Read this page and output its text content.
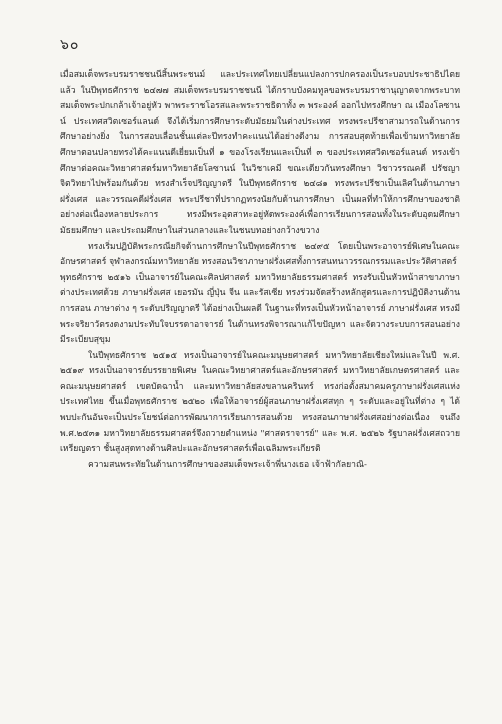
๖๐

เมื่อสมเด็จพระบรมราชชนนีสิ้นพระชนม์ และประเทศไทยเปลี่ยนแปลงการปกครองเป็นระบอบประชาธิปไตยแล้ว ในปีพุทธศักราช ๒๔๗๗ สมเด็จพระบรมราชชนนี ได้กราบบังคมทูลขอพระบรมราชานุญาตจากพระบาทสมเด็จพระปกเกล้าเจ้าอยู่หัว พาพระราชโอรสและพระราชธิดาทั้ง ๓ พระองค์ ออกไปทรงศึกษา ณ เมืองโลซานน์ ประเทศสวิตเซอร์แลนด์ จึงได้เริ่มการศึกษาระดับมัธยมในต่างประเทศ ทรงพระปรีชาสามารถในด้านการศึกษาอย่างยิ่ง ในการสอบเลื่อนชั้นแต่ละปีทรงทำคะแนนได้อย่างดีงาม การสอบสุดท้ายเพื่อเข้ามหาวิทยาลัยศึกษาตอนปลายทรงได้คะแนนดีเยี่ยมเป็นที่ ๑ ของโรงเรียนและเป็นที่ ๓ ของประเทศสวิตเซอร์แลนด์ ทรงเข้าศึกษาต่อคณะวิทยาศาสตร์มหาวิทยาลัยโลซานน์ ในวิชาเคมี ขณะเดียวกันทรงศึกษา วิชาวรรณคดี ปรัชญา จิตวิทยาไปพร้อมกันด้วย ทรงสำเร็จปริญญาตรี ในปีพุทธศักราช ๒๔๘๑ ทรงพระปรีชาเป็นเลิศในด้านภาษาฝรั่งเศส และวรรณคดีฝรั่งเศส พระปรีชาที่ปรากฏทรงนัยกับด้านการศึกษา เป็นผลที่ทำให้การศึกษาของชาติอย่างต่อเนื่องหลายประการ ทรงมีพระอุตสาหะอยู่หัดพระองค์เพื่อการเรียนการสอนทั้งในระดับอุดมศึกษามัธยมศึกษา และประถมศึกษาในส่วนกลางและในชนบทอย่างกว้างขวาง

ทรงเริ่มปฏิบัติพระกรณียกิจด้านการศึกษาในปีพุทธศักราช ๒๔๙๕ โดยเป็นพระอาจารย์พิเศษในคณะอักษรศาสตร์ จุฬาลงกรณ์มหาวิทยาลัย ทรงสอนวิชาภาษาฝรั่งเศสทั้งการสนทนาวรรณกรรมและประวัติศาสตร์

พุทธศักราช ๒๕๑๖ เป็นอาจารย์ในคณะศิลปศาสตร์ มหาวิทยาลัยธรรมศาสตร์ ทรงรับเป็นหัวหน้าสาขาภาษาต่างประเทศด้วย ภาษาฝรั่งเศส เยอรมัน ญี่ปุ่น จีน และรัสเซีย ทรงร่วมจัดสร้างหลักสูตรและการปฏิบัติงานด้านการสอน ภาษาต่าง ๆ ระดับปริญญาตรี ได้อย่างเป็นผลดี ในฐานะที่ทรงเป็นหัวหน้าอาจารย์ ภาษาฝรั่งเศส ทรงมีพระจริยาวัตรงดงามประทับใจบรรดาอาจารย์ ในด้านทรงพิจารณาแก้ไขปัญหา และจัดวางระบบการสอนอย่างมีระเบียบสุขุม

ในปีพุทธศักราช ๒๕๑๕ ทรงเป็นอาจารย์ในคณะมนุษยศาสตร์ มหาวิทยาลัยเชียงใหม่และในปี พ.ศ. ๒๕๑๙ ทรงเป็นอาจารย์บรรยายพิเศษ ในคณะวิทยาศาสตร์และอักษรศาสตร์ มหาวิทยาลัยเกษตรศาสตร์ และคณะมนุษยศาสตร์ เขตบัดฉาน้ำ และมหาวิทยาลัยสงขลานครินทร์ ทรงก่อตั้งสมาคมครูภาษาฝรั่งเศสแห่งประเทศไทย ขึ้นเมื่อพุทธศักราช ๒๕๒๐ เพื่อให้อาจารย์ผู้สอนภาษาฝรั่งเศสทุก ๆ ระดับและอยู่ในที่ต่าง ๆ ได้พบปะกันอันจะเป็นประโยชน์ต่อการพัฒนาการเรียนการสอนด้วย ทรงสอนภาษาฝรั่งเศสอย่างต่อเนื่อง จนถึง พ.ศ.๒๕๓๑ มหาวิทยาลัยธรรมศาสตร์จึงถวายตำแหน่ง "ศาสตราจารย์" และ พ.ศ. ๒๕๒๖ รัฐบาลฝรั่งเศสถวายเหรียญตรา ชั้นสูงสุดทางด้านศิลปะและอักษรศาสตร์เพื่อเฉลิมพระเกียรติ

ความสนพระทัยในด้านการศึกษาของสมเด็จพระเจ้าพี่นางเธอ เจ้าฟ้ากัลยาณิ-
